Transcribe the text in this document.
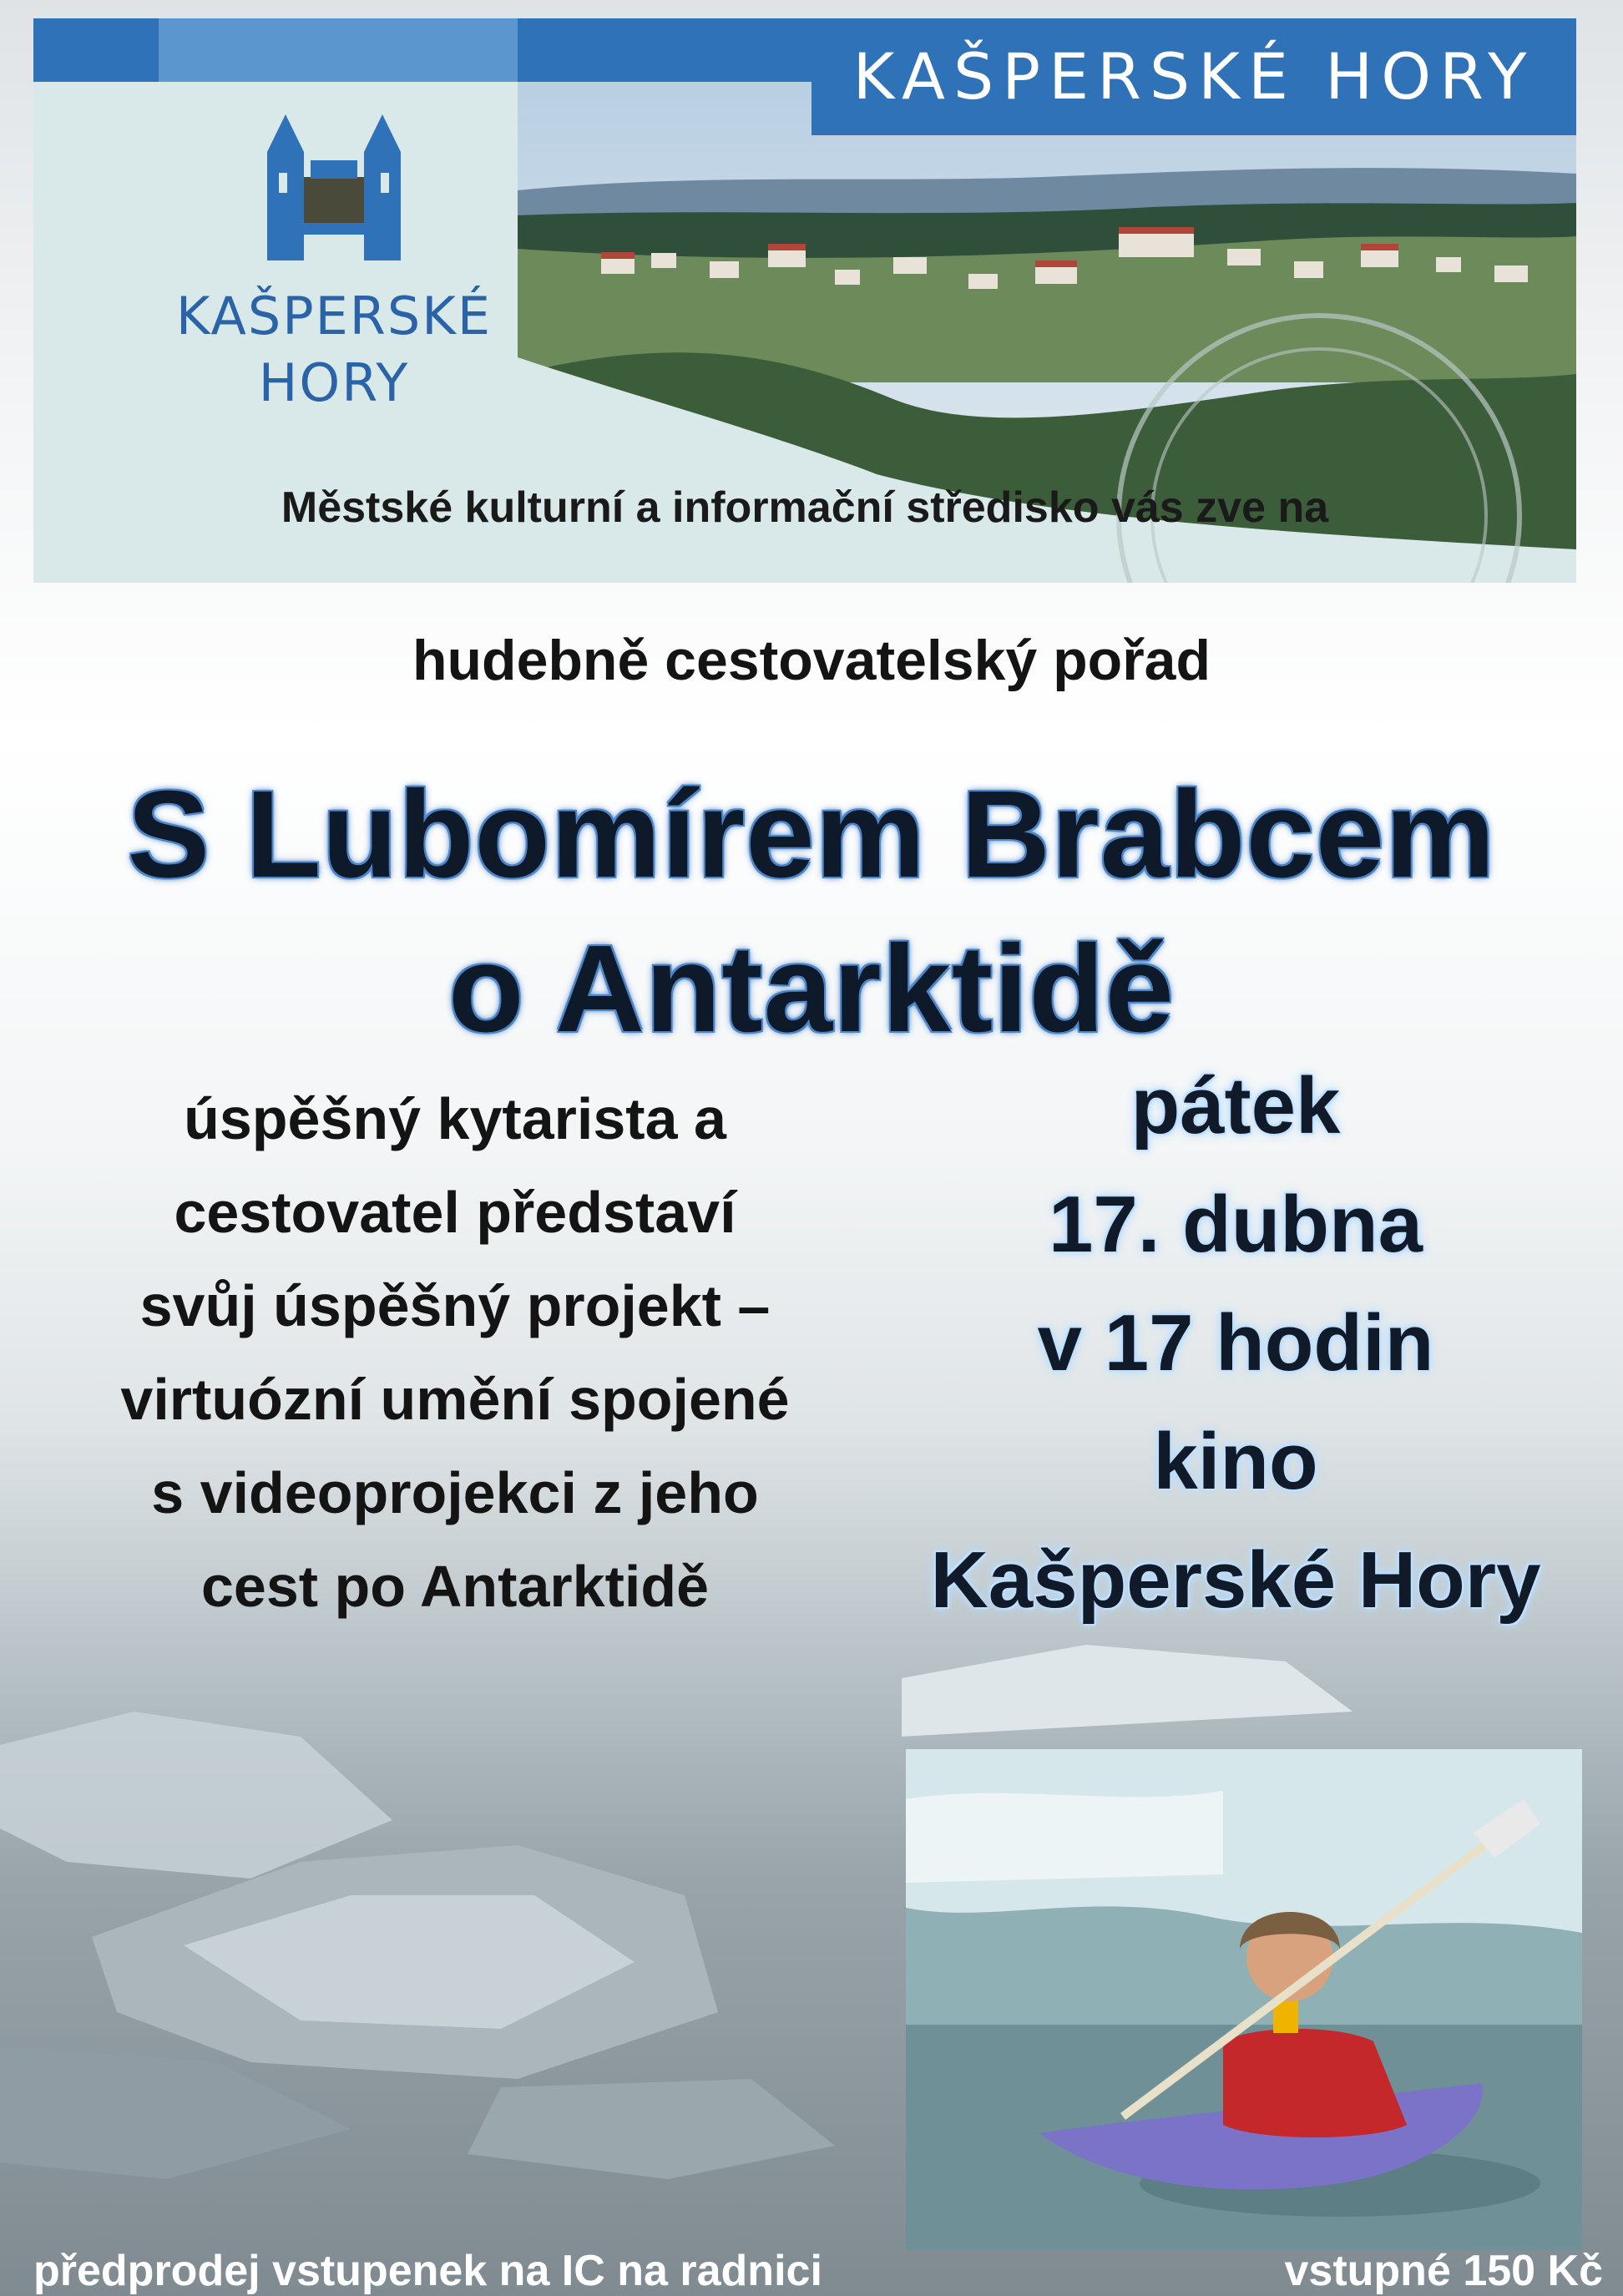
KAŠPERSKÉ HORY
KAŠPERSKÉ
HORY
Městské kulturní a informační středisko vás zve na
hudebně cestovatelský pořad
S Lubomírem Brabcem
o Antarktidě
úspěšný kytarista a
cestovatel představí
svůj úspěšný projekt –
virtuózní umění spojené
s videoprojekci z jeho
cest po Antarktidě
pátek
17. dubna
v 17 hodin
kino
Kašperské Hory
předprodej vstupenek na IC na radnici	vstupné 150 Kč
